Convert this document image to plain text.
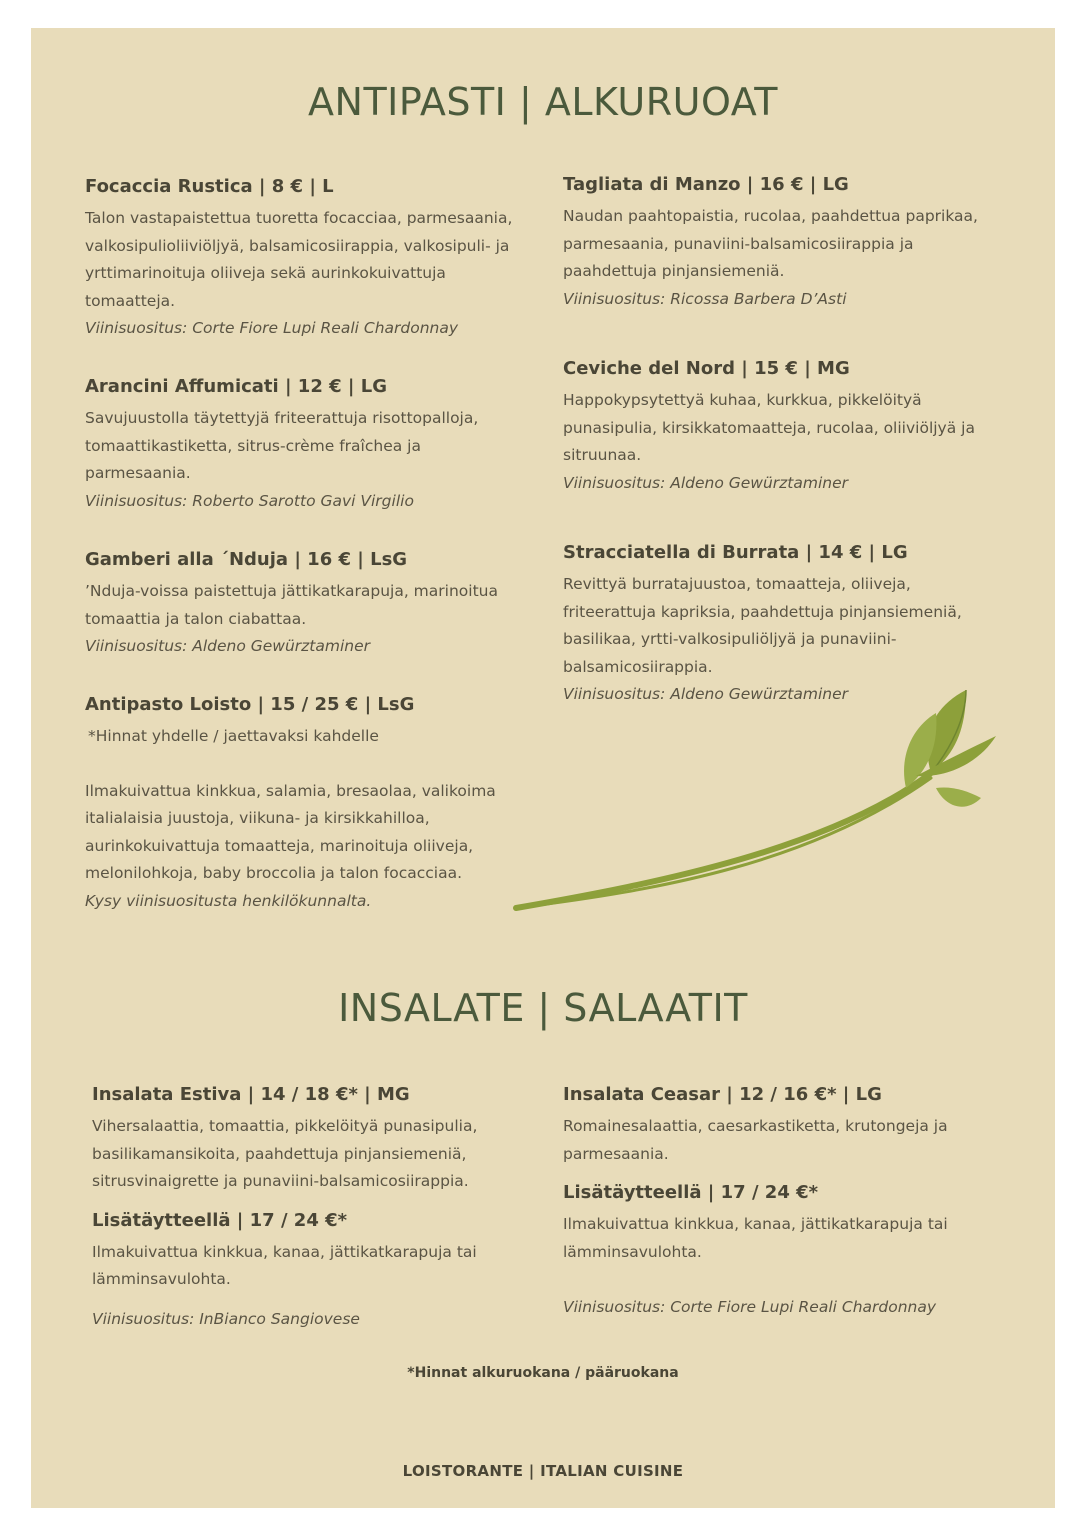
ANTIPASTI | ALKURUOAT
Focaccia Rustica | 8 € | L

Talon vastapaistettua tuoretta focacciaa, parmesaania, valkosipulioliiviöljyä, balsamicosiirappia, valkosipuli- ja yrttimarinoituja oliiveja sekä aurinkokuivattuja tomaatteja.

Viinisuositus: Corte Fiore Lupi Reali Chardonnay

Arancini Affumicati | 12 € | LG

Savujuustolla täytettyjä friteerattuja risottopalloja, tomaattikastiketta, sitrus-crème fraîchea ja parmesaania.

Viinisuositus: Roberto Sarotto Gavi Virgilio

Gamberi alla ´Nduja | 16 € | LsG

’Nduja-voissa paistettuja jättikatkarapuja, marinoitua tomaattia ja talon ciabattaa.

Viinisuositus: Aldeno Gewürztaminer

Antipasto Loisto | 15 / 25 € | LsG

*Hinnat yhdelle / jaettavaksi kahdelle

Ilmakuivattua kinkkua, salamia, bresaolaa, valikoima italialaisia juustoja, viikuna- ja kirsikkahilloa, aurinkokuivattuja tomaatteja, marinoituja oliiveja, melonilohkoja, baby broccolia ja talon focacciaa.

Kysy viinisuositusta henkilökunnalta.

Tagliata di Manzo | 16 € | LG

Naudan paahtopaistia, rucolaa, paahdettua paprikaa, parmesaania, punaviini-balsamicosiirappia ja paahdettuja pinjansiemeniä.

Viinisuositus: Ricossa Barbera D’Asti

Ceviche del Nord | 15 € | MG

Happokypsytettyä kuhaa, kurkkua, pikkelöityä punasipulia, kirsikkatomaatteja, rucolaa, oliiviöljyä ja sitruunaa.

Viinisuositus: Aldeno Gewürztaminer

Stracciatella di Burrata | 14 € | LG

Revittyä burratajuustoa, tomaatteja, oliiveja, friteerattuja kapriksia, paahdettuja pinjansiemeniä, basilikaa, yrtti-valkosipuliöljyä ja punaviini-balsamicosiirappia.

Viinisuositus: Aldeno Gewürztaminer

INSALATE | SALAATIT
Insalata Estiva | 14 / 18 €* | MG

Vihersalaattia, tomaattia, pikkelöityä punasipulia, basilikamansikoita, paahdettuja pinjansiemeniä, sitrusvinaigrette ja punaviini-balsamicosiirappia.

Lisätäytteellä | 17 / 24 €*

Ilmakuivattua kinkkua, kanaa, jättikatkarapuja tai lämminsavulohta.

Viinisuositus: InBianco Sangiovese

Insalata Ceasar | 12 / 16 €* | LG

Romainesalaattia, caesarkastiketta, krutongeja ja parmesaania.

Lisätäytteellä | 17 / 24 €*

Ilmakuivattua kinkkua, kanaa, jättikatkarapuja tai lämminsavulohta.

Viinisuositus: Corte Fiore Lupi Reali Chardonnay

*Hinnat alkuruokana / pääruokana
LOISTORANTE | ITALIAN CUISINE
